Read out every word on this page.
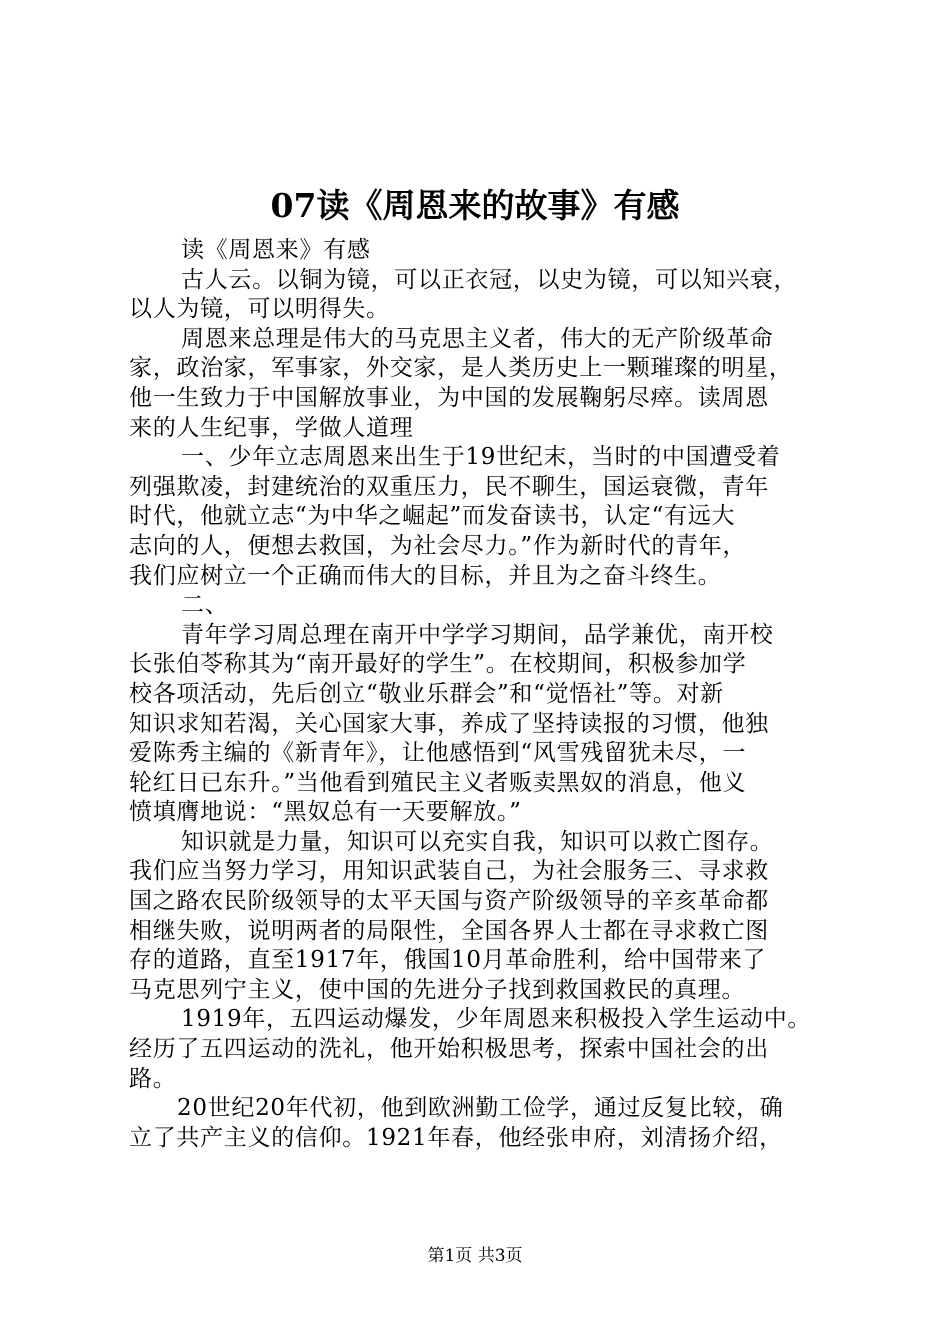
07读《周恩来的故事》有感
读《周恩来》有感
古人云。以铜为镜，可以正衣冠，以史为镜，可以知兴衰，
以人为镜，可以明得失。
周恩来总理是伟大的马克思主义者，伟大的无产阶级革命
家，政治家，军事家，外交家，是人类历史上一颗璀璨的明星，
他一生致力于中国解放事业，为中国的发展鞠躬尽瘁。读周恩
来的人生纪事，学做人道理
一、少年立志周恩来出生于19世纪末，当时的中国遭受着
列强欺凌，封建统治的双重压力，民不聊生，国运衰微，青年
时代，他就立志“为中华之崛起”而发奋读书，认定“有远大
志向的人，便想去救国，为社会尽力。”作为新时代的青年，
我们应树立一个正确而伟大的目标，并且为之奋斗终生。
二、
青年学习周总理在南开中学学习期间，品学兼优，南开校
长张伯苓称其为“南开最好的学生”。在校期间，积极参加学
校各项活动，先后创立“敬业乐群会”和“觉悟社”等。对新
知识求知若渴，关心国家大事，养成了坚持读报的习惯，他独
爱陈秀主编的《新青年》，让他感悟到“风雪残留犹未尽，一
轮红日已东升。”当他看到殖民主义者贩卖黑奴的消息，他义
愤填膺地说：“黑奴总有一天要解放。”
知识就是力量，知识可以充实自我，知识可以救亡图存。
我们应当努力学习，用知识武装自己，为社会服务三、寻求救
国之路农民阶级领导的太平天国与资产阶级领导的辛亥革命都
相继失败，说明两者的局限性，全国各界人士都在寻求救亡图
存的道路，直至1917年，俄国10月革命胜利，给中国带来了
马克思列宁主义，使中国的先进分子找到救国救民的真理。
1919年，五四运动爆发，少年周恩来积极投入学生运动中。
经历了五四运动的洗礼，他开始积极思考，探索中国社会的出
路。
20世纪20年代初，他到欧洲勤工俭学，通过反复比较，确
立了共产主义的信仰。1921年春，他经张申府，刘清扬介绍，
第1页 共3页
